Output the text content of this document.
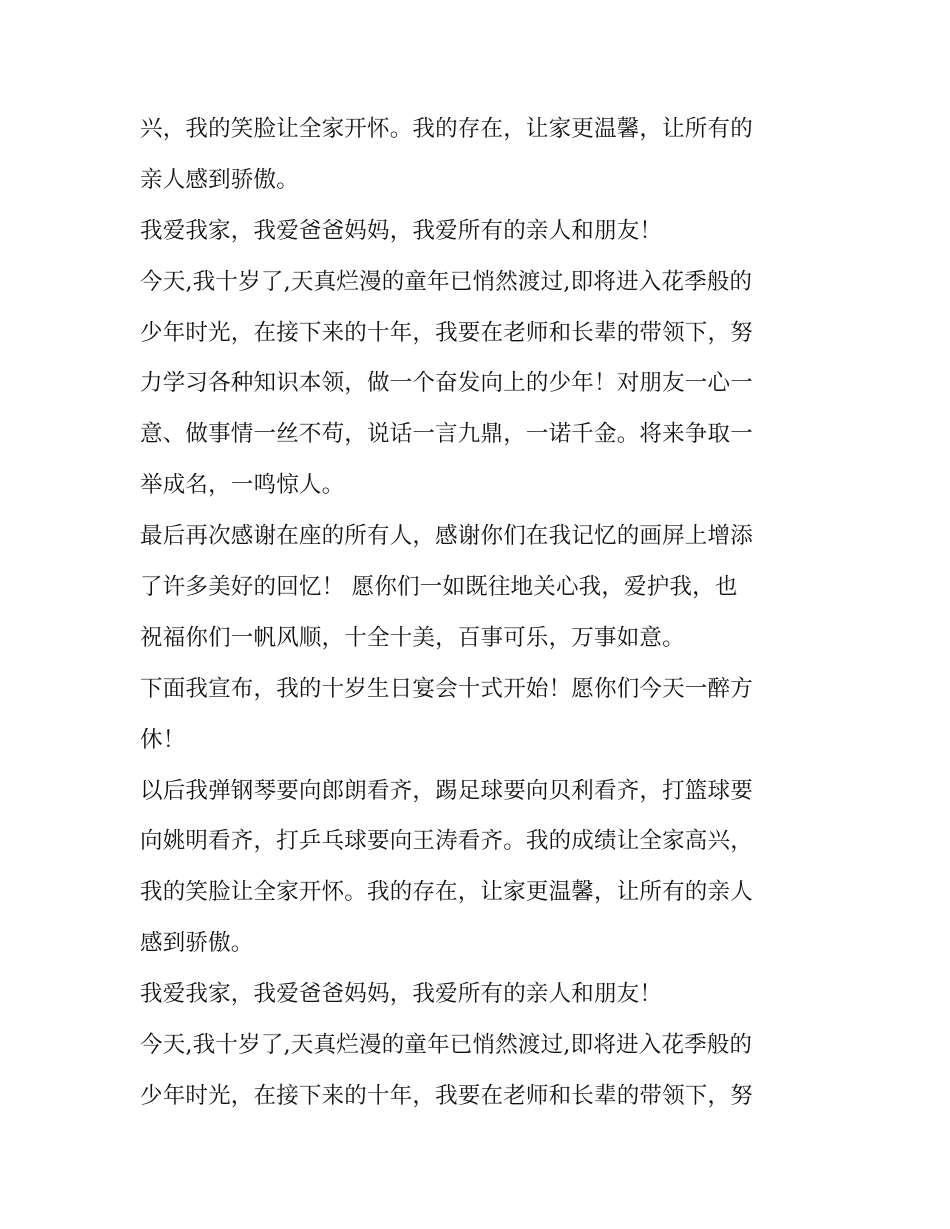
兴，我的笑脸让全家开怀。我的存在，让家更温馨，让所有的
亲人感到骄傲。
我爱我家，我爱爸爸妈妈，我爱所有的亲人和朋友！
今天,我十岁了,天真烂漫的童年已悄然渡过,即将进入花季般的
少年时光，在接下来的十年，我要在老师和长辈的带领下，努
力学习各种知识本领，做一个奋发向上的少年！对朋友一心一
意、做事情一丝不苟，说话一言九鼎，一诺千金。将来争取一
举成名，一鸣惊人。
最后再次感谢在座的所有人，感谢你们在我记忆的画屏上增添
了许多美好的回忆！ 愿你们一如既往地关心我，爱护我，也
祝福你们一帆风顺，十全十美，百事可乐，万事如意。
下面我宣布，我的十岁生日宴会十式开始！愿你们今天一醉方
休！
以后我弹钢琴要向郎朗看齐，踢足球要向贝利看齐，打篮球要
向姚明看齐，打乒乓球要向王涛看齐。我的成绩让全家高兴，
我的笑脸让全家开怀。我的存在，让家更温馨，让所有的亲人
感到骄傲。
我爱我家，我爱爸爸妈妈，我爱所有的亲人和朋友！
今天,我十岁了,天真烂漫的童年已悄然渡过,即将进入花季般的
少年时光，在接下来的十年，我要在老师和长辈的带领下，努
